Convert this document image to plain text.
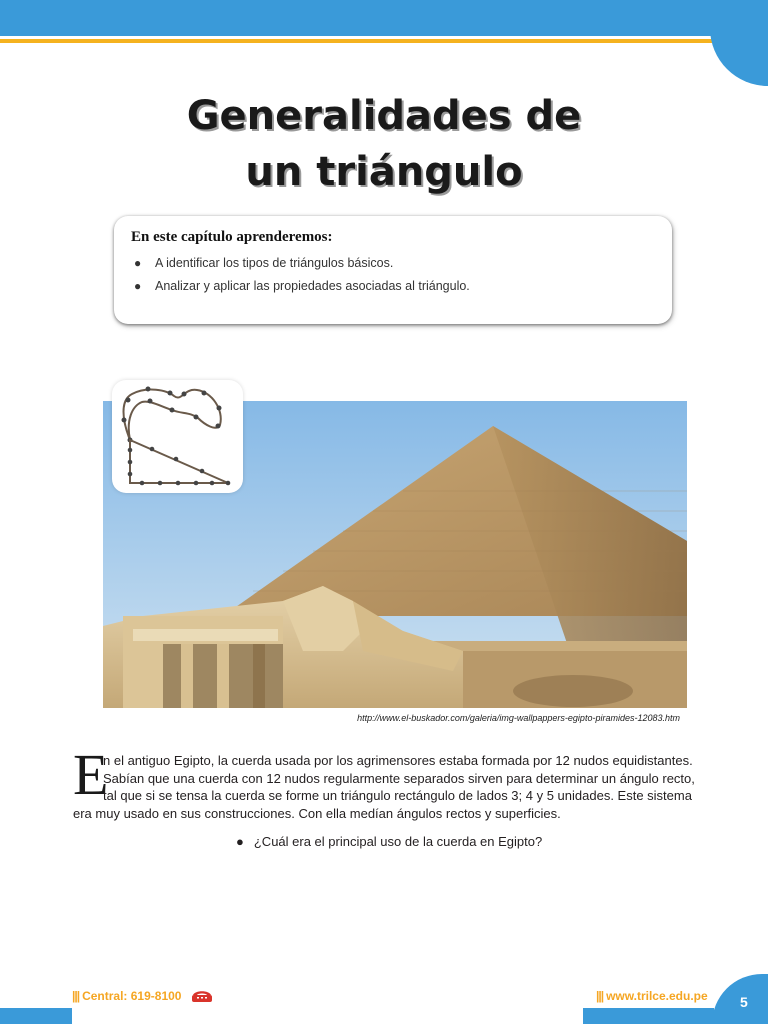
Generalidades de un triángulo
En este capítulo aprenderemos:
● A identificar los tipos de triángulos básicos.
● Analizar y aplicar las propiedades asociadas al triángulo.
http://www.el-buskador.com/galeria/img-wallpappers-egipto-piramides-12083.htm
E
n el antiguo Egipto, la cuerda usada por los agrimensores estaba formada por 12 nudos equidistantes.
Sabían que una cuerda con 12 nudos regularmente separados sirven para determinar un ángulo recto,
tal que si se tensa la cuerda se forme un triángulo rectángulo de lados 3; 4 y 5 unidades. Este sistema
era muy usado en sus construcciones. Con ella medían ángulos rectos y superficies.
● ¿Cuál era el principal uso de la cuerda en Egipto?
5
||| Central: 619-8100	||| www.trilce.edu.pe
